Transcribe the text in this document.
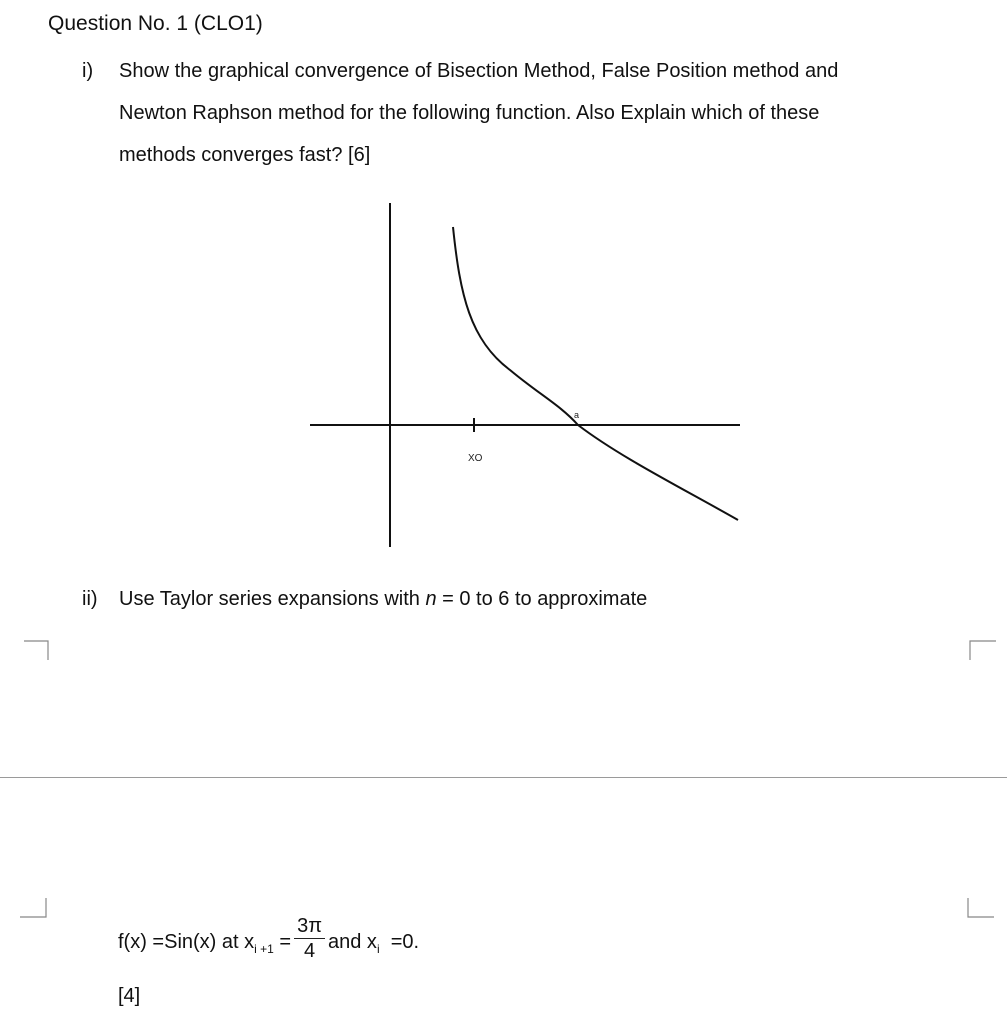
Question No. 1 (CLO1)
i) Show the graphical convergence of Bisection Method, False Position method and
Newton Raphson method for the following function. Also Explain which of these
methods converges fast? [6]
XO
a
ii) Use Taylor series expansions with n = 0 to 6 to approximate
f(x) =Sin(x) at $x_{i +1} = \frac{3\pi}{4}$ and $x_i =0$.
[4]
